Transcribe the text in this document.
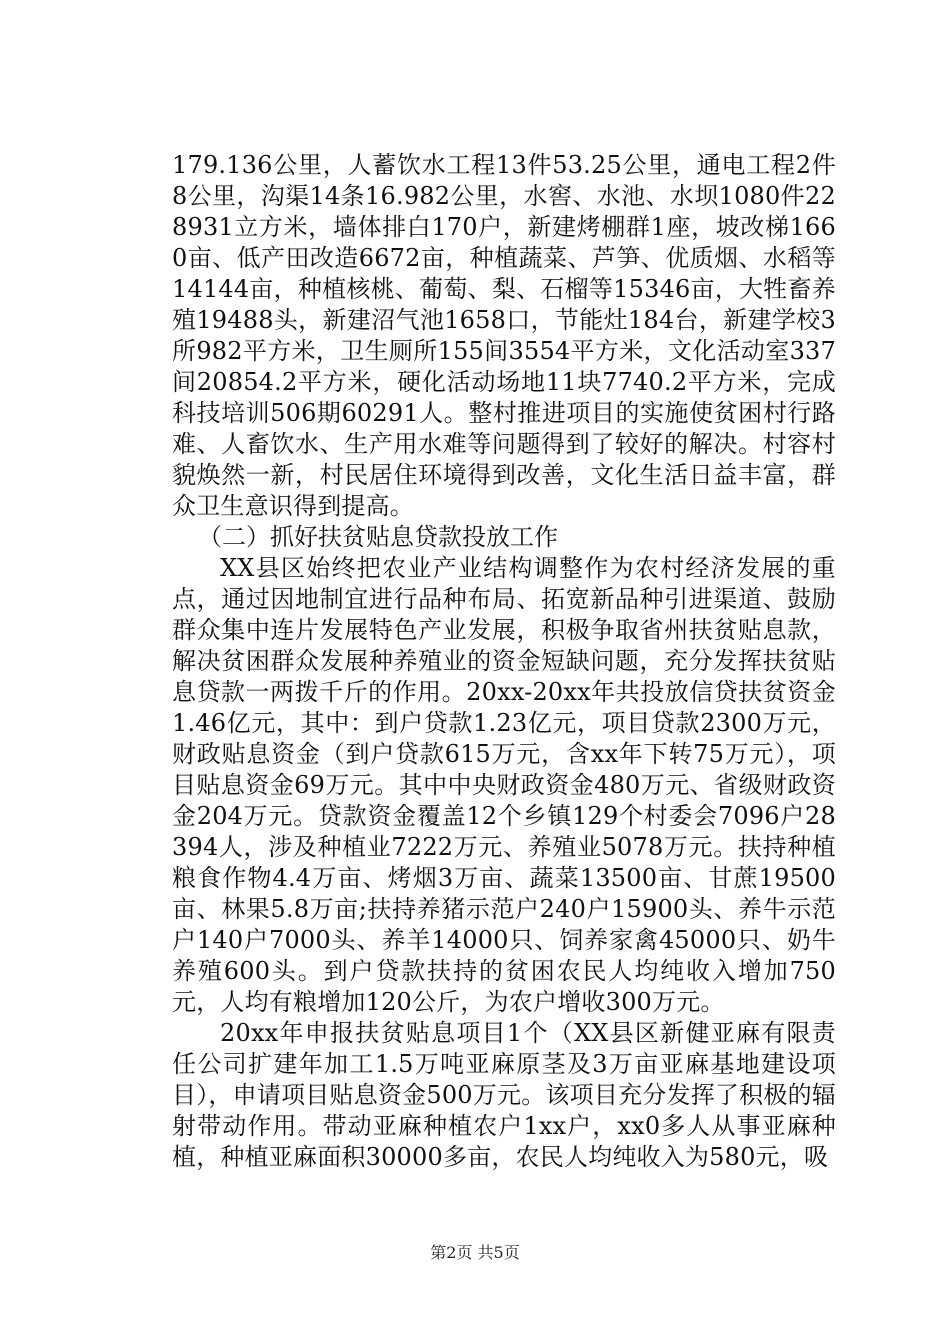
179.136公里，人蓄饮水工程13件53.25公里，通电工程2件8公里，沟渠14条16.982公里，水窖、水池、水坝1080件228931立方米，墙体排白170户，新建烤棚群1座，坡改梯1660亩、低产田改造6672亩，种植蔬菜、芦笋、优质烟、水稻等14144亩，种植核桃、葡萄、梨、石榴等15346亩，大牲畜养殖19488头，新建沼气池1658口，节能灶184台，新建学校3所982平方米，卫生厕所155间3554平方米，文化活动室337间20854.2平方米，硬化活动场地11块7740.2平方米，完成科技培训506期60291人。整村推进项目的实施使贫困村行路难、人畜饮水、生产用水难等问题得到了较好的解决。村容村貌焕然一新，村民居住环境得到改善，文化生活日益丰富，群众卫生意识得到提高。

（二）抓好扶贫贴息贷款投放工作

XX县区始终把农业产业结构调整作为农村经济发展的重点，通过因地制宜进行品种布局、拓宽新品种引进渠道、鼓励群众集中连片发展特色产业发展，积极争取省州扶贫贴息款，解决贫困群众发展种养殖业的资金短缺问题，充分发挥扶贫贴息贷款一两拨千斤的作用。20xx-20xx年共投放信贷扶贫资金1.46亿元，其中：到户贷款1.23亿元，项目贷款2300万元，财政贴息资金（到户贷款615万元，含xx年下转75万元），项目贴息资金69万元。其中中央财政资金480万元、省级财政资金204万元。贷款资金覆盖12个乡镇129个村委会7096户28394人，涉及种植业7222万元、养殖业5078万元。扶持种植粮食作物4.4万亩、烤烟3万亩、蔬菜13500亩、甘蔗19500亩、林果5.8万亩;扶持养猪示范户240户15900头、养牛示范户140户7000头、养羊14000只、饲养家禽45000只、奶牛养殖600头。到户贷款扶持的贫困农民人均纯收入增加750元，人均有粮增加120公斤，为农户增收300万元。

20xx年申报扶贫贴息项目1个（XX县区新健亚麻有限责任公司扩建年加工1.5万吨亚麻原茎及3万亩亚麻基地建设项目），申请项目贴息资金500万元。该项目充分发挥了积极的辐射带动作用。带动亚麻种植农户1xx户，xx0多人从事亚麻种植，种植亚麻面积30000多亩，农民人均纯收入为580元，吸

第2页 共5页
